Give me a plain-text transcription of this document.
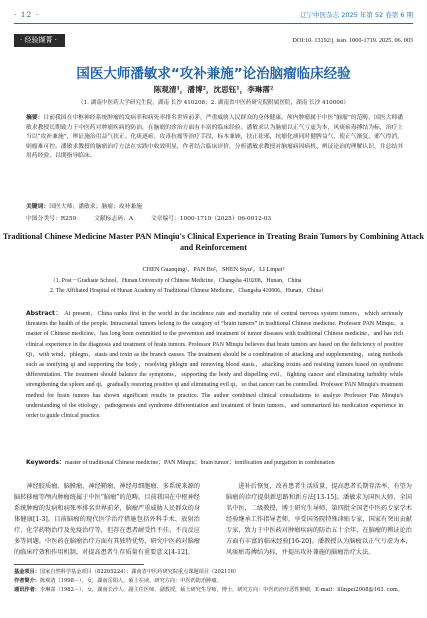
· 12 ·	辽宁中医杂志 2025 年第 52 卷第 6 期
· 经验撷菁 ·	DOI:10. 13192/j. issn. 1000-1719. 2025. 06. 003
国医大师潘敏求“攻补兼施”论治脑瘤临床经验
陈观清¹，潘博²，沈思钰¹，李琳霈²
（1. 湖南中医药大学研究生院，湖南 长沙 410208；2. 湖南省中医药研究院附属医院，湖南 长沙 410006）
摘要：目前我国在中枢神经系统肿瘤的发病率和病死率排名世界前茅，严重威胁人民群众的身体健康。颅内肿瘤属于中医“脑瘤”的范畴，国医大师潘敏求教授长期致力于中医药对肿瘤疾病的防治，在脑瘤的诊治方面有丰富的临床经验。潘敏求认为脑瘤以正气亏虚为本，风痰瘀毒搏结为标，治疗上当以“攻补兼施”，辨证施治用益气扶正、化痰逐瘀、攻毒抗瘤等治疗手段，标本兼顾，扶正祛邪，抗瘤化痰同时健脾益气，使正气渐复，邪气得消，则瘤难可控。潘敏求教授的脑瘤治疗方法在实践中收效明显，作者结合临床评价，分析潘敏求教授对脑瘤病因病机、辨证论治的理解认识，并总结其用药经验，以期指导临床。
关键词：国医大师；潘敏求；脑瘤；攻补兼施
中图分类号：R259	文献标志码：A	文章编号：1000-1719（2025）06-0012-03
Traditional Chinese Medicine Master PAN Minqiu's Clinical Experience in Treating Brain Tumors by Combining Attack and Reinforcement
CHEN Guanqing¹，PAN Bo²，SHEN Siyu¹，LI Linpei²
（1. Post－Graduate School，Hunan University of Chinese Medicine，Changsha 410208，Hunan，China
2. The Affiliated Hospital of Hunan Academy of Traditional Chinese Medicine，Changsha 410006，Hunan，China）
Abstract： At present，China ranks first in the world in the incidence rate and mortality rate of central nervous system tumors，which seriously threatens the health of the people. Intracranial tumors belong to the category of “brain tumors” in traditional Chinese medicine. Professor PAN Minqiu，a master of Chinese medicine，has long been committed to the prevention and treatment of tumor diseases with traditional Chinese medicine，and has rich clinical experience in the diagnosis and treatment of brain tumors. Professor PAN Minqiu believes that brain tumors are based on the deficiency of positive Qi，with wind，phlegm，stasis and toxin as the branch causes. The treatment should be a combination of attacking and supplementing，using methods such as tonifying qi and supporting the body，resolving phlegm and removing blood stasis，attacking toxins and resisting tumors based on syndrome differentiation. The treatment should balance the symptoms，supporting the body and dispelling evil，fighting cancer and eliminating turbidity while strengthening the spleen and qi，gradually restoring positive qi and eliminating evil qi，so that cancer can be controlled. Professor PAN Minqiu's treatment method for brain tumors has shown significant results in practice. The author combined clinical consultations to analyze Professor Pan Minqiu's understanding of the etiology，pathogenesis and syndrome differentiation and treatment of brain tumors，and summarized his medication experience in order to guide clinical practice.
Keywords：master of traditional Chinese medicine；PAN Minqiu；brain tumor；tonification and purgation in combination
神经胶质瘤、脑膜瘤、神经鞘瘤、神经母细胞瘤、多系统来源的脑转移瘤等颅内肿瘤统属于中医“脑瘤”的范畴。目前我国在中枢神经系统肿瘤的发病和病死率排名世界前茅，脑瘤严重威胁人民群众的身体健康[1-3]。目前脑瘤的现代医学治疗措施包括外科手术、放射治疗、化学药物治疗及免疫治疗等，但存在患者耐受性不佳、不良反应多等问题。中医药在脑瘤治疗方面有其独特优势，研究中医药对脑瘤的临床疗效和作用机制，对提高患者生存质量有重要意义[4-12]。
进补后恢复，改善患者生活质量，提高患者长期存活率，有望为脑瘤的诊疗提供新思路和新方法[13-15]。潘敏求为国医大师，全国名中医，二级教授，博士研究生导师，第四批全国老中医药专家学术经验继承工作指导老师，享受国务院特殊津贴专家，国家有突出贡献专家，致力于中医药对肿瘤疾病的防治五十余年，在脑瘤的辨证论治方面有丰富的临床经验[16-20]。潘教授认为脑瘤以正气亏虚为本，风痰瘀毒搏结为标，并提出攻补兼施的脑瘤治疗大法。
基金项目：国家自然科学基金项目（82205224）；湖南省中医药研究院重点课题项目（202116）
作者简介：陈观清（1998－），女，湖南岳阳人，硕士在读，研究方向：中医药防治肿瘤。
通讯作者：李琳霈（1982－），女，湖南长沙人，副主任医师，副教授，硕士研究生导师，博士，研究方向：中医药治疗恶性肿瘤，E-mail：lilinpei2008@163. com。
